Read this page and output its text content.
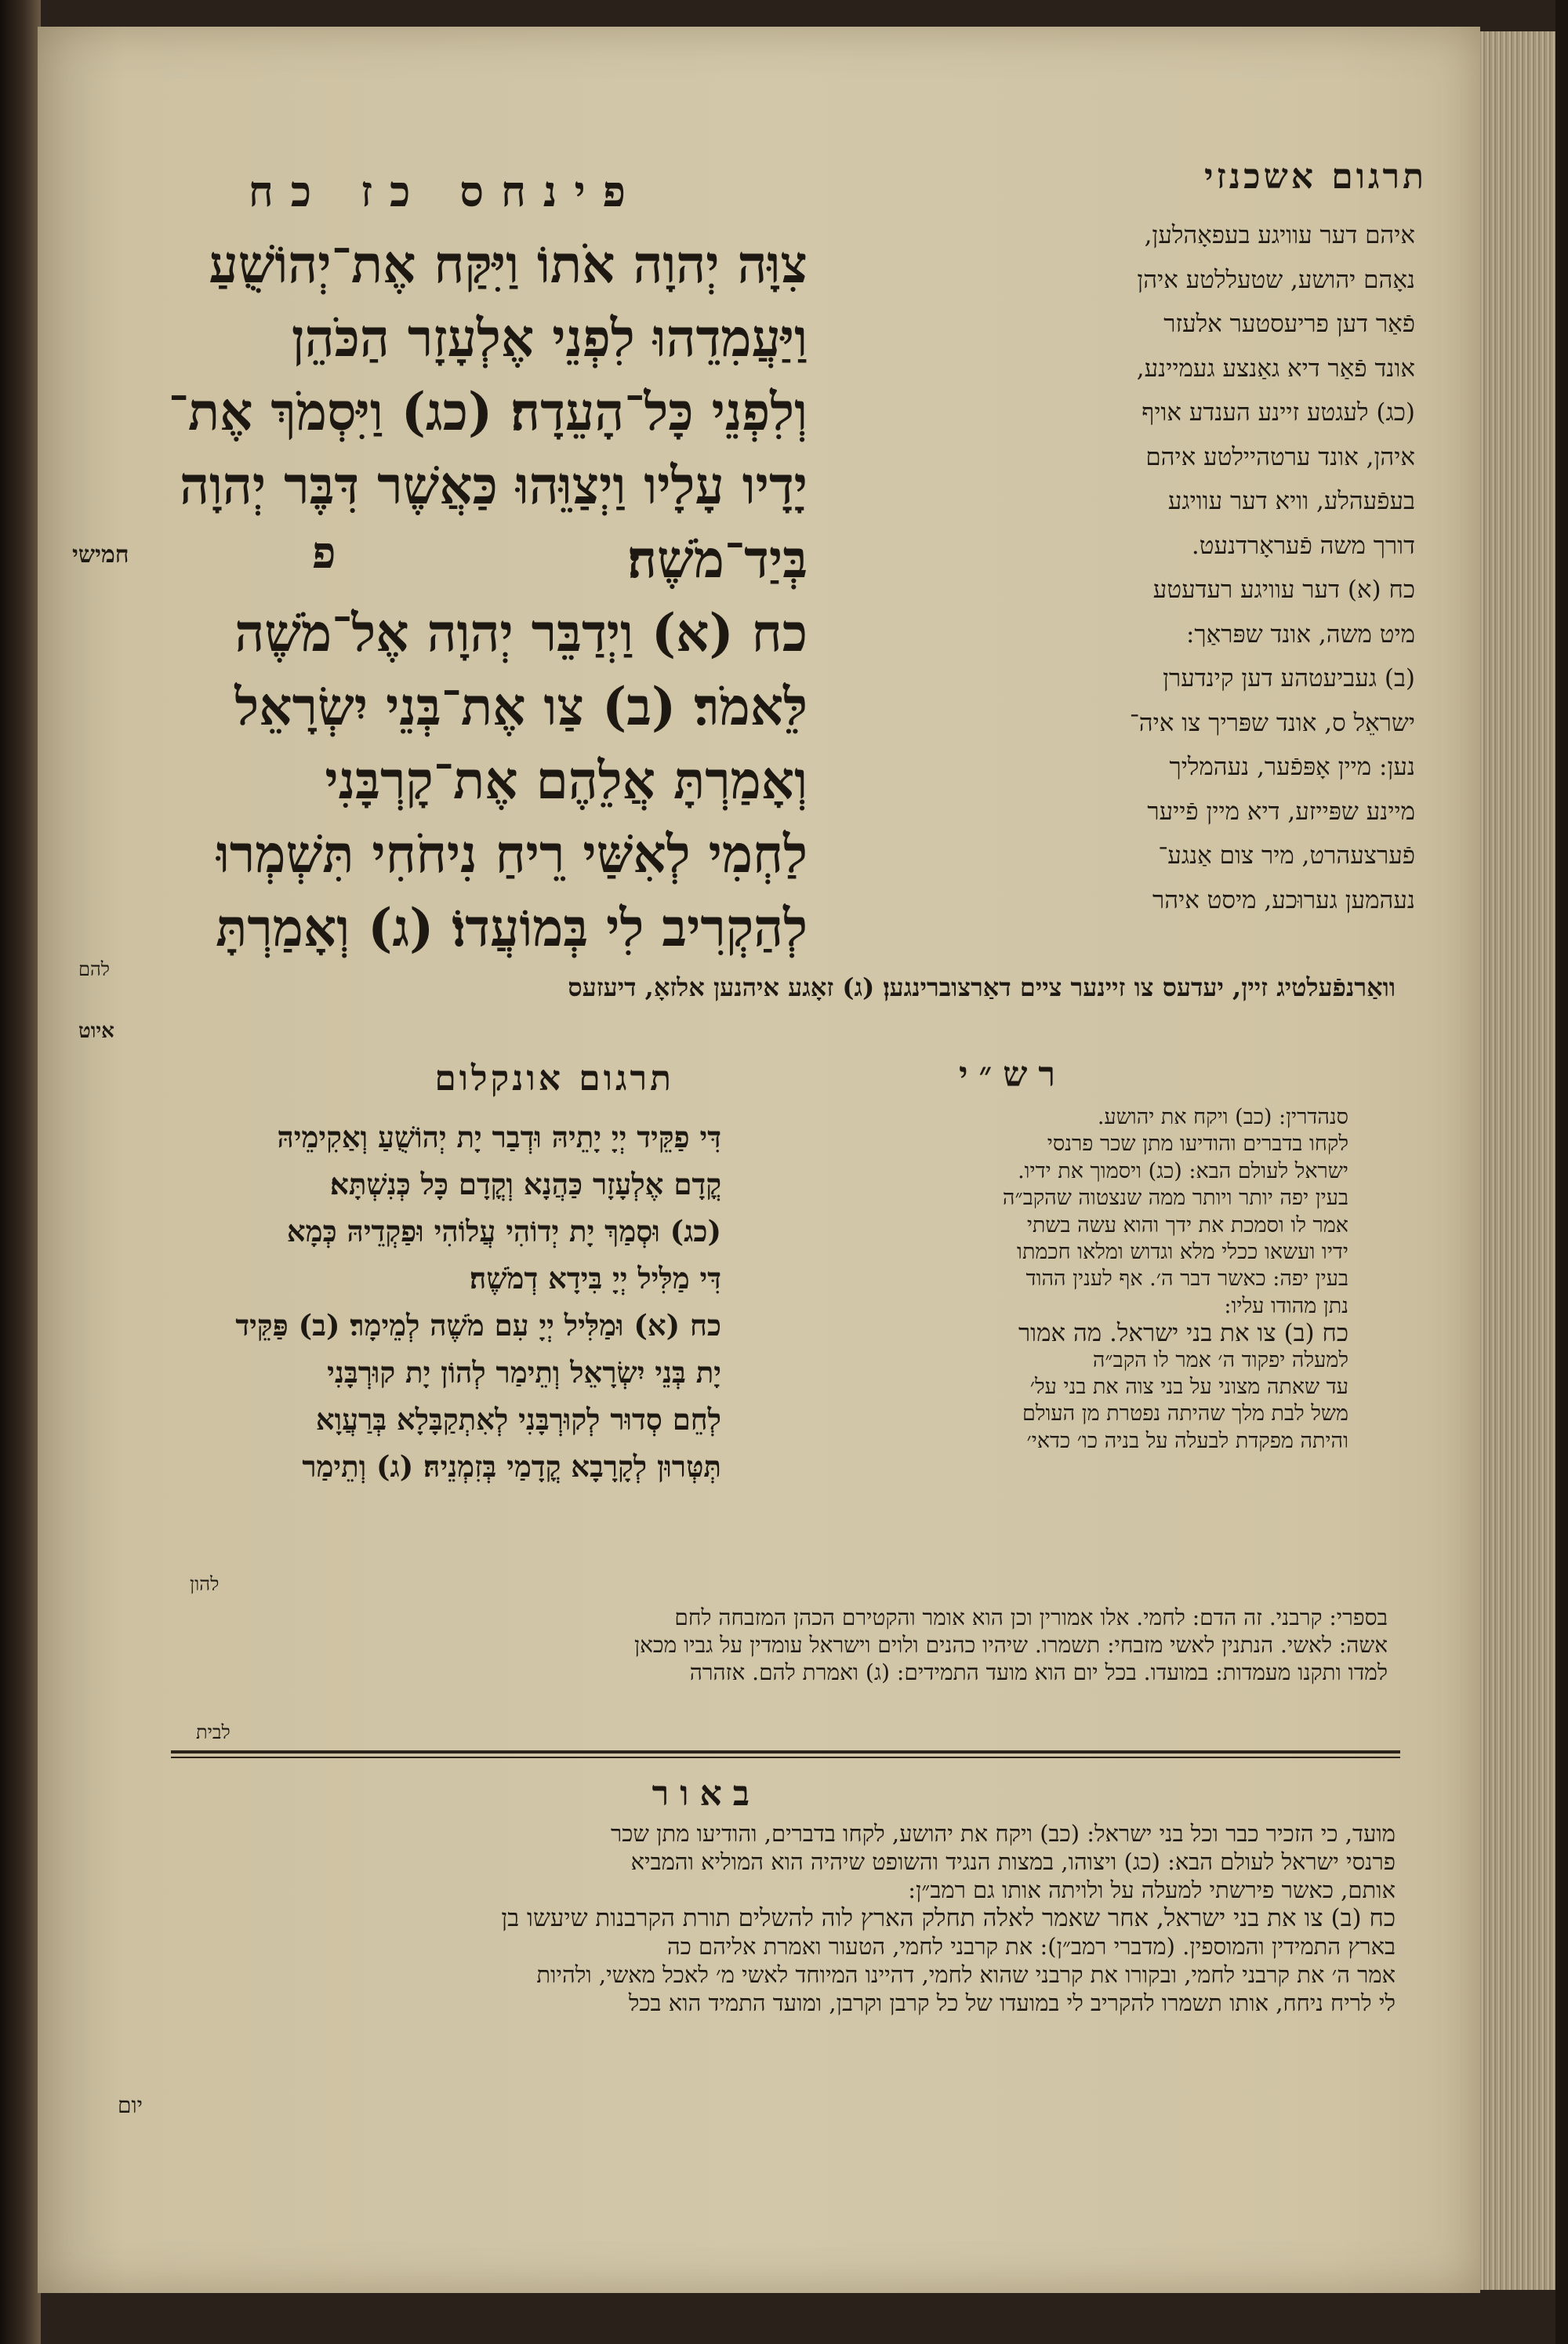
פינחס כז כח	תרגום אשכנזי

צִוָּה יְהוָה אֹתוֹ וַיִּקַּח אֶת־יְהוֹשֻׁעַ

וַיַּעֲמִדֵהוּ לִפְנֵי אֶלְעָזָר הַכֹּהֵן

וְלִפְנֵי כָּל־הָעֵדָה׃ (כג) וַיִּסְמֹךְ אֶת־

יָדָיו עָלָיו וַיְצַוֵּהוּ כַּאֲשֶׁר דִּבֶּר יְהוָה

בְּיַד־מֹשֶׁה׃

כח (א) וַיְדַבֵּר יְהוָה אֶל־מֹשֶׁה

לֵּאמֹר׃ (ב) צַו אֶת־בְּנֵי יִשְׂרָאֵל

וְאָמַרְתָּ אֲלֵהֶם אֶת־קָרְבָּנִי

לַחְמִי לְאִשַּׁי רֵיחַ נִיחֹחִי תִּשְׁמְרוּ

לְהַקְרִיב לִי בְּמוֹעֲדוֹ׃ (ג) וְאָמַרְתָּ

פ
חמישי

איהם דער עוויגע בעפאָהלען,

נאָהם יהושע, שטעללטע איהן

פֿאַר דען פריעסטער אלעזר

אונד פֿאַר דיא גאַנצע געמיינע,

(כג) לעגטע זיינע הענדע אויף

איהן, אונד ערטהיילטע איהם

בעפֿעהלע, וויא דער עוויגע

דורך משה פֿעראָרדנעט.

כח (א) דער עוויגע רעדעטע

מיט משה, אונד שפּראַך:

(ב) געביעטהע דען קינדערן

ישראֵל ס, אונד שפּריך צו איה־

נען: מיין אָפּפֿער, נעהמליך

מיינע שפּייזע, דיא מיין פֿייער

פֿערצעהרט, מיר צום אַנגע־

נעהמען גערוּכע, מיסט איהר

וואַרנפֿעלטיג זיין, יעדעס צו זיינער ציים דאַרצוברינגען׃ (ג) זאָגע איהנען אלזאָ, דיעזעס
להם
איוט
תרגום אונקלום

דִּי פַקֵּיד יְיָ יָתֵיהּ וּדְבַר יָת יְהוֹשֻׁעַ וְאַקִימֵיהּ

קֳדָם אֶלְעָזָר כַּהֲנָא וְקֳדָם כָּל כְּנִשְׁתָּא׃

(כג) וּסְמַךְ יָת יְדוֹהִי עֲלוֹהִי וּפַקְדֵיהּ כְּמָא

דִּי מַלִּיל יְיָ בִּידָא דְמֹשֶׁה׃

כח (א) וּמַלִּיל יְיָ עִם מֹשֶׁה לְמֵימָר׃ (ב) פַּקֵּיד

יָת בְּנֵי יִשְׂרָאֵל וְתֵימַר לְהוֹן יָת קוּרְבָּנִי

לְחֵם סְדוּר לְקוּרְבָּנִי לְאִתְקַבָּלָא בְּרַעֲוָא

תְּטְּרוּן לְקָרָבָא קֳדָמַי בְּזִמְנֵיהּ׃ (ג) וְתֵימַר

להון
רש״י

סנהדרין: (כב) ויקח את יהושע.

לקחו בדברים והודיעו מתן שכר פרנסי

ישראל לעולם הבא: (כג) ויסמוך את ידיו.

בעין יפה יותר ויותר ממה שנצטוה שהקב״ה

אמר לו וסמכת את ידך והוא עשה בשתי

ידיו ועשאו ככלי מלא וגדוש ומלאו חכמתו

בעין יפה: כאשר דבר ה׳. אף לענין ההוד

נתן מהודו עליו:

כח (ב) צו את בני ישראל. מה אמור

למעלה יפקוד ה׳ אמר לו הקב״ה

עד שאתה מצוני על בני צוה את בני על׳

משל לבת מלך שהיתה נפטרת מן העולם

והיתה מפקדת לבעלה על בניה כו׳ כדאי׳

בספרי: קרבני. זה הדם: לחמי. אלו אמורין וכן הוא אומר והקטירם הכהן המזבחה לחם

אשה: לאשי. הנתנין לאשי מזבחי: תשמרו. שיהיו כהנים ולוים וישראל עומדין על גביו מכאן

למדו ותקנו מעמדות: במועדו. בכל יום הוא מועד התמידים: (ג) ואמרת להם. אזהרה

לבית
באור

מועד, כי הזכיר כבר וכל בני ישראל: (כב) ויקח את יהושע, לקחו בדברים, והודיעו מתן שכר

פרנסי ישראל לעולם הבא: (כג) ויצוהו, במצות הנגיד והשופט שיהיה הוא המוליא והמביא

אותם, כאשר פירשתי למעלה על ולויתה אותו גם רמב״ן:

כח (ב) צו את בני ישראל, אחר שאמר לאלה תחלק הארץ לוה להשלים תורת הקרבנות שיעשו בן

בארץ התמידין והמוספין. (מדברי רמב״ן): את קרבני לחמי, הטעור ואמרת אליהם כה

אמר ה׳ את קרבני לחמי, ובקורו את קרבני שהוא לחמי, דהיינו המיוחד לאשי מ׳ לאכל מאשי, ולהיות

לי לריח ניחח, אותו תשמרו להקריב לי במועדו של כל קרבן וקרבן, ומועד התמיד הוא בכל

יום
